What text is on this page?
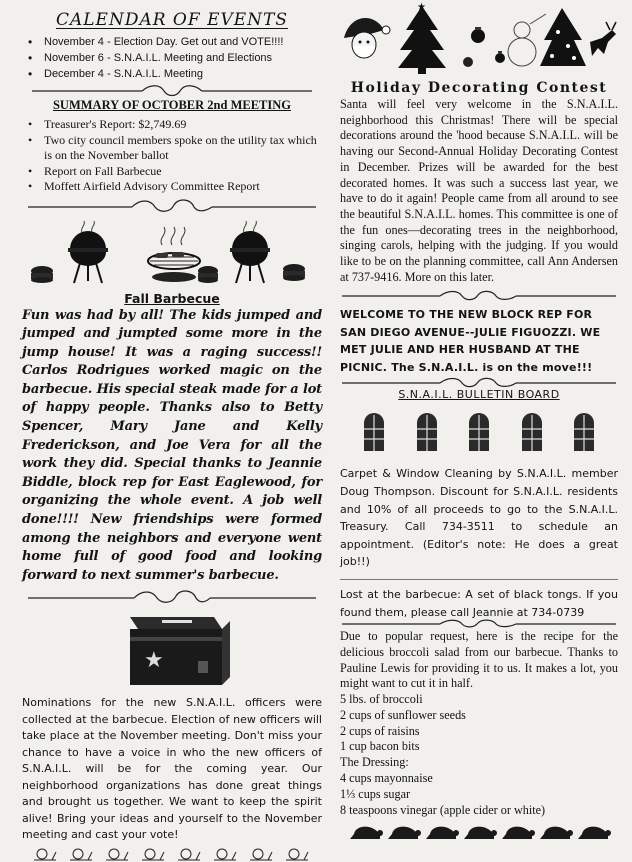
CALENDAR OF EVENTS
• November 4 - Election Day. Get out and VOTE!!!!
• November 6 - S.N.A.I.L. Meeting and Elections
• December 4 - S.N.A.I.L. Meeting
SUMMARY OF OCTOBER 2nd MEETING
• Treasurer's Report: $2,749.69
• Two city council members spoke on the utility tax which is on the November ballot
• Report on Fall Barbecue
• Moffett Airfield Advisory Committee Report
Fall Barbecue
Fun was had by all! The kids jumped and jumped and jumpted some more in the jump house! It was a raging success!! Carlos Rodrigues worked magic on the barbecue. His special steak made for a lot of happy people. Thanks also to Betty Spencer, Mary Jane and Kelly Frederickson, and Joe Vera for all the work they did. Special thanks to Jeannie Biddle, block rep for East Eaglewood, for organizing the whole event. A job well done!!!! New friendships were formed among the neighbors and everyone went home full of good food and looking forward to next summer's barbecue.
★
Nominations for the new S.N.A.I.L. officers were collected at the barbecue. Election of new officers will take place at the November meeting. Don't miss your chance to have a voice in who the new officers of S.N.A.I.L. will be for the coming year. Our neighborhood organizations has done great things and brought us together. We want to keep the spirit alive! Bring your ideas and yourself to the November meeting and cast your vote!
★
Holiday Decorating Contest
Santa will feel very welcome in the S.N.A.I.L. neighborhood this Christmas! There will be special decorations around the 'hood because S.N.A.I.L. will be having our Second-Annual Holiday Decorating Contest in December. Prizes will be awarded for the best decorated homes. It was such a success last year, we have to do it again! People came from all around to see the beautiful S.N.A.I.L. homes. This committee is one of the fun ones—decorating trees in the neighborhood, singing carols, helping with the judging. If you would like to be on the planning committee, call Ann Andersen at 737-9416. More on this later.
WELCOME TO THE NEW BLOCK REP FOR SAN DIEGO AVENUE--JULIE FIGUOZZI. WE MET JULIE AND HER HUSBAND AT THE PICNIC. The S.N.A.I.L. is on the move!!!
S.N.A.I.L. BULLETIN BOARD
Carpet & Window Cleaning by S.N.A.I.L. member Doug Thompson. Discount for S.N.A.I.L. residents and 10% of all proceeds to go to the S.N.A.I.L. Treasury. Call 734-3511 to schedule an appointment. (Editor's note: He does a great job!!)
Lost at the barbecue: A set of black tongs. If you found them, please call Jeannie at 734-0739
Due to popular request, here is the recipe for the delicious broccoli salad from our barbecue. Thanks to Pauline Lewis for providing it to us. It makes a lot, you might want to cut it in half.
5 lbs. of broccoli
2 cups of sunflower seeds
2 cups of raisins
1 cup bacon bits
The Dressing:
4 cups mayonnaise
1⅓ cups sugar
8 teaspoons vinegar (apple cider or white)
